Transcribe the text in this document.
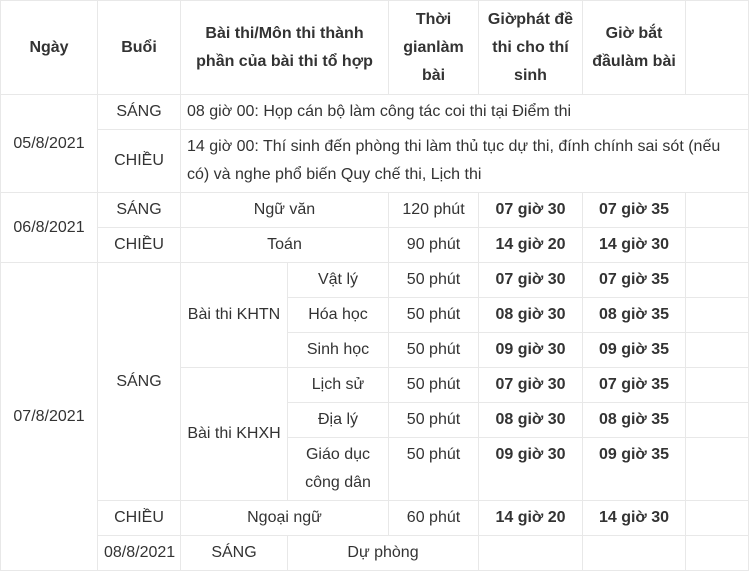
Ngày	Buổi	Bài thi/Môn thi thành phần của bài thi tổ hợp		Thời gianlàm bài	Giờphát đề thi cho thí sinh	Giờ bắt đầulàm bài		
05/8/2021	SÁNG	08 giờ 00: Họp cán bộ làm công tác coi thi tại Điểm thi						
	CHIỀU	14 giờ 00: Thí sinh đến phòng thi làm thủ tục dự thi, đính chính sai sót (nếu có) và nghe phổ biến Quy chế thi, Lịch thi						
06/8/2021	SÁNG	Ngữ văn		120 phút	07 giờ 30	07 giờ 35		
	CHIỀU	Toán		90 phút	14 giờ 20	14 giờ 30		
07/8/2021	SÁNG	Bài thi KHTN	Vật lý	50 phút	07 giờ 30	07 giờ 35		
			Hóa học	50 phút	08 giờ 30	08 giờ 35		
			Sinh học	50 phút	09 giờ 30	09 giờ 35		
		Bài thi KHXH	Lịch sử	50 phút	07 giờ 30	07 giờ 35		
			Địa lý	50 phút	08 giờ 30	08 giờ 35		
			Giáo dục công dân	50 phút	09 giờ 30	09 giờ 35		
	CHIỀU	Ngoại ngữ		60 phút	14 giờ 20	14 giờ 30		
	08/8/2021	SÁNG	Dự phòng					
